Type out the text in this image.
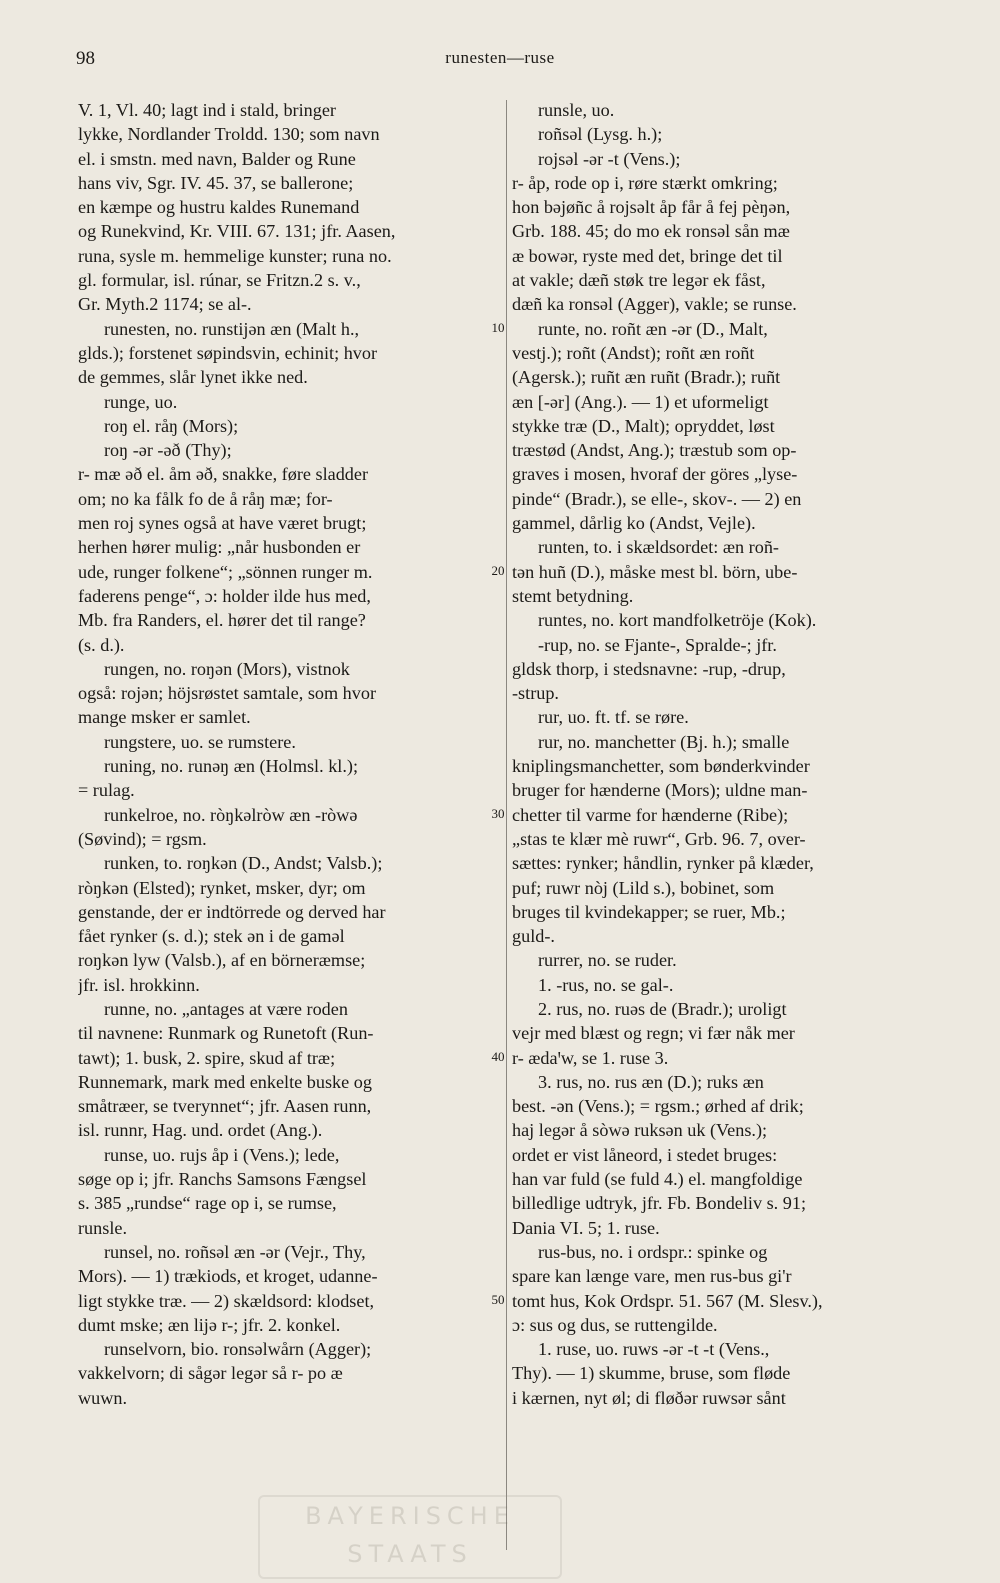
98	runesten—ruse
V. 1, Vl. 40; lagt ind i stald, bringer
lykke, Nordlander Troldd. 130; som navn
el. i smstn. med navn, Balder og Rune
hans viv, Sgr. IV. 45. 37, se ballerone;
en kæmpe og hustru kaldes Runemand
og Runekvind, Kr. VIII. 67. 131; jfr. Aasen,
runa, sysle m. hemmelige kunster; runa no.
gl. formular, isl. rúnar, se Fritzn.2 s. v.,
Gr. Myth.2 1174; se al-.
runesten, no. runstijən æn (Malt h.,
glds.); forstenet søpindsvin, echinit; hvor
de gemmes, slår lynet ikke ned.
runge, uo.
roŋ el. råŋ (Mors);
roŋ -ər -əð (Thy);
r- mæ əð el. åm əð, snakke, føre sladder
om; no ka fålk fo de å råŋ mæ; for-
men roj synes også at have været brugt;
herhen hører mulig: „når husbonden er
ude, runger folkene“; „sönnen runger m.
faderens penge“, ɔ: holder ilde hus med,
Mb. fra Randers, el. hører det til range?
(s. d.).
rungen, no. roŋən (Mors), vistnok
også: rojən; höjsrøstet samtale, som hvor
mange msker er samlet.
rungstere, uo. se rumstere.
runing, no. runəŋ æn (Holmsl. kl.);
= rulag.
runkelroe, no. ròŋkəlròw æn -ròwə
(Søvind); = rgsm.
runken, to. roŋkən (D., Andst; Valsb.);
ròŋkən (Elsted); rynket, msker, dyr; om
genstande, der er indtörrede og derved har
fået rynker (s. d.); stek ən i de gaməl
roŋkən lyw (Valsb.), af en börneræmse;
jfr. isl. hrokkinn.
runne, no. „antages at være roden
til navnene: Runmark og Runetoft (Run-
tawt); 1. busk, 2. spire, skud af træ;
Runnemark, mark med enkelte buske og
småtræer, se tverynnet“; jfr. Aasen runn,
isl. runnr, Hag. und. ordet (Ang.).
runse, uo. rujs åp i (Vens.); lede,
søge op i; jfr. Ranchs Samsons Fængsel
s. 385 „rundse“ rage op i, se rumse,
runsle.
runsel, no. roñsəl æn -ər (Vejr., Thy,
Mors). — 1) trækiods, et kroget, udanne-
ligt stykke træ. — 2) skældsord: klodset,
dumt mske; æn lijə r-; jfr. 2. konkel.
runselvorn, bio. ronsəlwårn (Agger);
vakkelvorn; di sågər legər så r- po æ
wuwn.
runsle, uo.
roñsəl (Lysg. h.);
rojsəl -ər -t (Vens.);
r- åp, rode op i, røre stærkt omkring;
hon bəjøñc å rojsəlt åp får å fej pèŋən,
Grb. 188. 45; do mo ek ronsəl sån mæ
æ bowər, ryste med det, bringe det til
at vakle; dæñ støk tre legər ek fåst,
dæñ ka ronsəl (Agger), vakle; se runse.
runte, no. roñt æn -ər (D., Malt,
vestj.); roñt (Andst); roñt æn roñt
(Agersk.); ruñt æn ruñt (Bradr.); ruñt
æn [-ər] (Ang.). — 1) et uformeligt
stykke træ (D., Malt); opryddet, løst
træstød (Andst, Ang.); træstub som op-
graves i mosen, hvoraf der göres „lyse-
pinde“ (Bradr.), se elle-, skov-. — 2) en
gammel, dårlig ko (Andst, Vejle).
runten, to. i skældsordet: æn roñ-
tən huñ (D.), måske mest bl. börn, ube-
stemt betydning.
runtes, no. kort mandfolketröje (Kok).
-rup, no. se Fjante-, Spralde-; jfr.
gldsk thorp, i stedsnavne: -rup, -drup,
-strup.
rur, uo. ft. tf. se røre.
rur, no. manchetter (Bj. h.); smalle
kniplingsmanchetter, som bønderkvinder
bruger for hænderne (Mors); uldne man-
chetter til varme for hænderne (Ribe);
„stas te klær mè ruwr“, Grb. 96. 7, over-
sættes: rynker; håndlin, rynker på klæder,
puf; ruwr nòj (Lild s.), bobinet, som
bruges til kvindekapper; se ruer, Mb.;
guld-.
rurrer, no. se ruder.
1. -rus, no. se gal-.
2. rus, no. ruəs de (Bradr.); uroligt
vejr med blæst og regn; vi fær nåk mer
r- ædaꞌw, se 1. ruse 3.
3. rus, no. rus æn (D.); ruks æn
best. -ən (Vens.); = rgsm.; ørhed af drik;
haj legər å sòwə ruksən uk (Vens.);
ordet er vist låneord, i stedet bruges:
han var fuld (se fuld 4.) el. mangfoldige
billedlige udtryk, jfr. Fb. Bondeliv s. 91;
Dania VI. 5; 1. ruse.
rus-bus, no. i ordspr.: spinke og
spare kan længe vare, men rus-bus gi'r
tomt hus, Kok Ordspr. 51. 567 (M. Slesv.),
ɔ: sus og dus, se ruttengilde.
1. ruse, uo. ruws -ər -t -t (Vens.,
Thy). — 1) skumme, bruse, som fløde
i kærnen, nyt øl; di fløðər ruwsər sånt
10
20
30
40
50
BAYERISCHE STAATS
